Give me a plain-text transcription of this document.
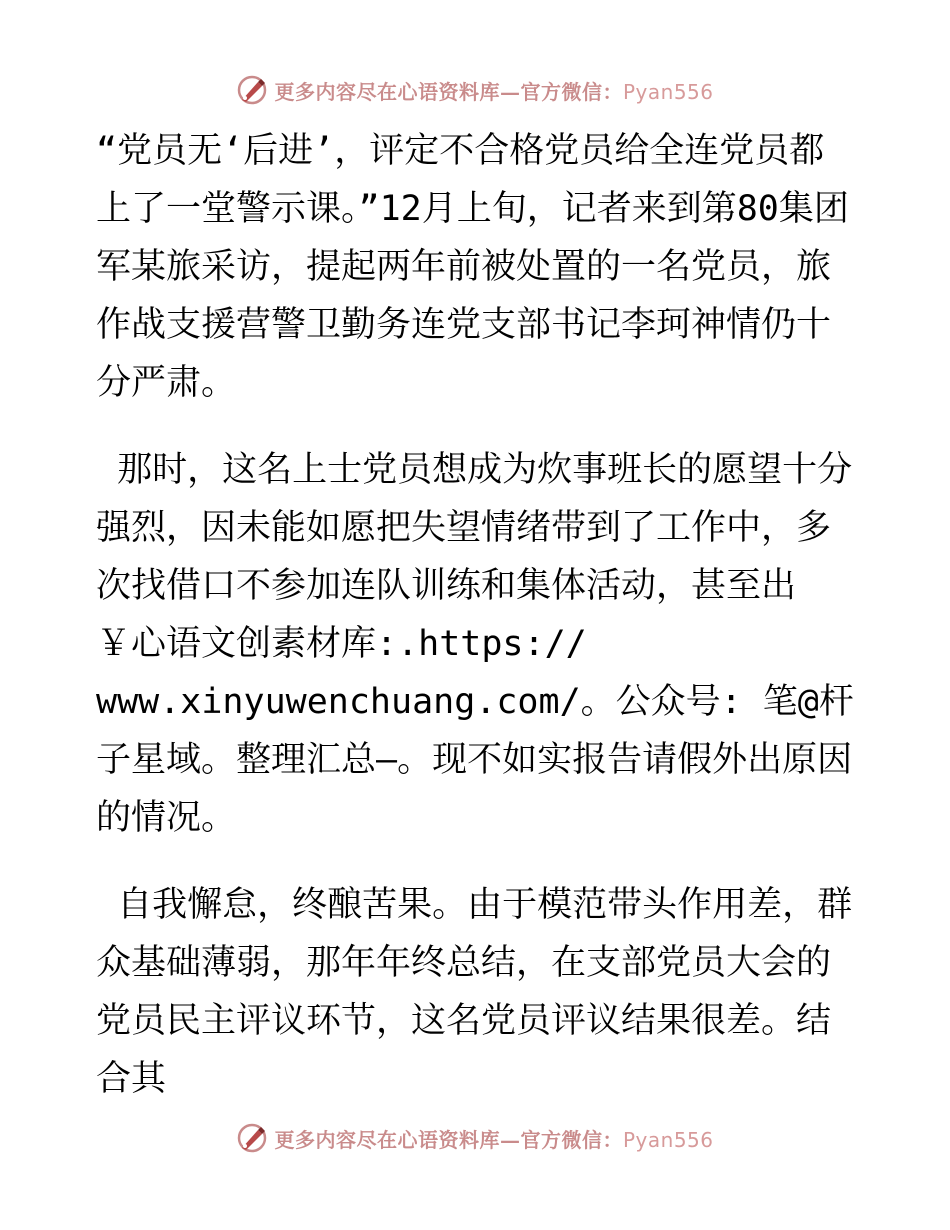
更多内容尽在心语资料库—官方微信：Pyan556

“党员无‘后进’，评定不合格党员给全连党员都上了一堂警示课。”12月上旬，记者来到第80集团军某旅采访，提起两年前被处置的一名党员，旅作战支援营警卫勤务连党支部书记李珂神情仍十分严肃。

那时，这名上士党员想成为炊事班长的愿望十分强烈，因未能如愿把失望情绪带到了工作中，多次找借口不参加连队训练和集体活动，甚至出￥心语文创素材库:.https://
www.xinyuwenchuang.com/。公众号: 笔@杆子星域。整理汇总—。现不如实报告请假外出原因的情况。

自我懈怠，终酿苦果。由于模范带头作用差，群众基础薄弱，那年年终总结，在支部党员大会的党员民主评议环节，这名党员评议结果很差。结合其

更多内容尽在心语资料库—官方微信：Pyan556
